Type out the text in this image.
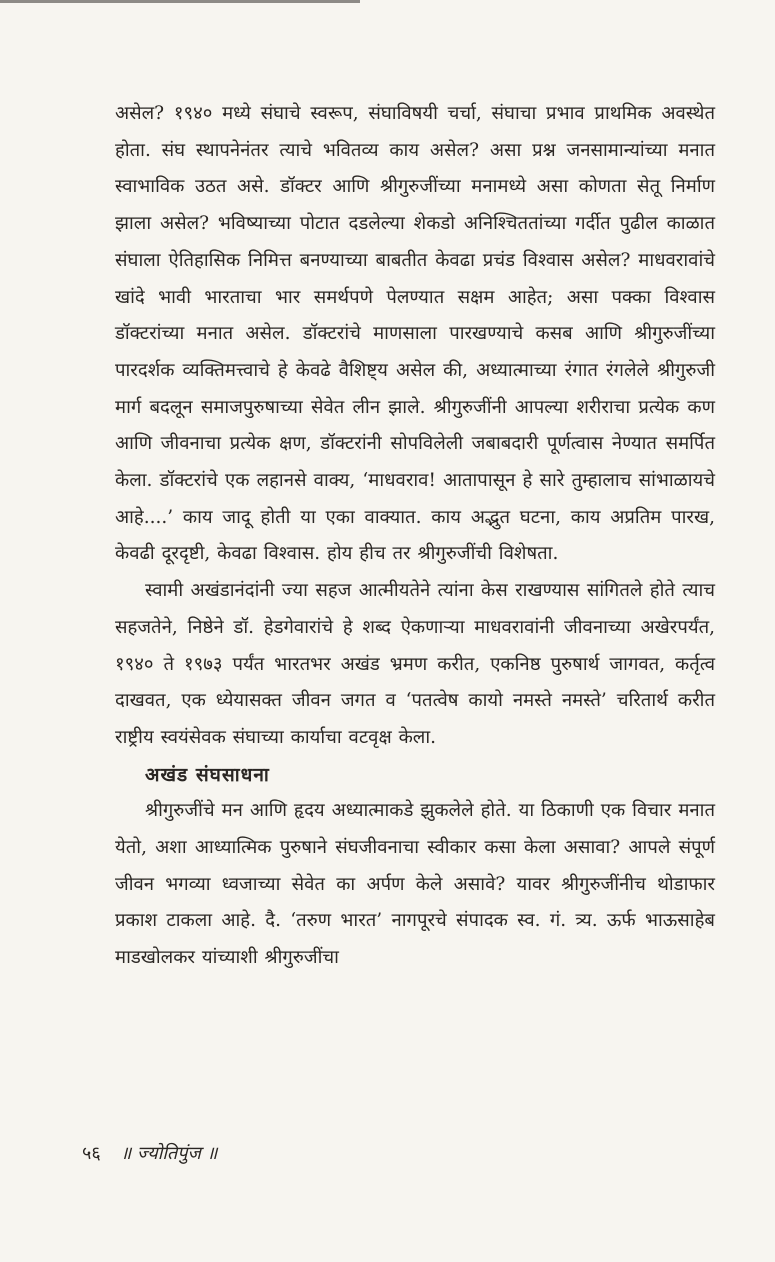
असेल? १९४० मध्ये संघाचे स्वरूप, संघाविषयी चर्चा, संघाचा प्रभाव प्राथमिक अवस्थेत होता. संघ स्थापनेनंतर त्याचे भवितव्य काय असेल? असा प्रश्न जनसामान्यांच्या मनात स्वाभाविक उठत असे. डॉक्टर आणि श्रीगुरुजींच्या मनामध्ये असा कोणता सेतू निर्माण झाला असेल? भविष्याच्या पोटात दडलेल्या शेकडो अनिश्चिततांच्या गर्दीत पुढील काळात संघाला ऐतिहासिक निमित्त बनण्याच्या बाबतीत केवढा प्रचंड विश्वास असेल? माधवरावांचे खांदे भावी भारताचा भार समर्थपणे पेलण्यात सक्षम आहेत; असा पक्का विश्वास डॉक्टरांच्या मनात असेल. डॉक्टरांचे माणसाला पारखण्याचे कसब आणि श्रीगुरुजींच्या पारदर्शक व्यक्तिमत्त्वाचे हे केवढे वैशिष्ट्य असेल की, अध्यात्माच्या रंगात रंगलेले श्रीगुरुजी मार्ग बदलून समाजपुरुषाच्या सेवेत लीन झाले. श्रीगुरुजींनी आपल्या शरीराचा प्रत्येक कण आणि जीवनाचा प्रत्येक क्षण, डॉक्टरांनी सोपविलेली जबाबदारी पूर्णत्वास नेण्यात समर्पित केला. डॉक्टरांचे एक लहानसे वाक्य, ‘माधवराव! आतापासून हे सारे तुम्हालाच सांभाळायचे आहे....’ काय जादू होती या एका वाक्यात. काय अद्भुत घटना, काय अप्रतिम पारख, केवढी दूरदृष्टी, केवढा विश्वास. होय हीच तर श्रीगुरुजींची विशेषता.

स्वामी अखंडानंदांनी ज्या सहज आत्मीयतेने त्यांना केस राखण्यास सांगितले होते त्याच सहजतेने, निष्ठेने डॉ. हेडगेवारांचे हे शब्द ऐकणाऱ्या माधवरावांनी जीवनाच्या अखेरपर्यंत, १९४० ते १९७३ पर्यंत भारतभर अखंड भ्रमण करीत, एकनिष्ठ पुरुषार्थ जागवत, कर्तृत्व दाखवत, एक ध्येयासक्त जीवन जगत व ‘पतत्वेष कायो नमस्ते नमस्ते’ चरितार्थ करीत राष्ट्रीय स्वयंसेवक संघाच्या कार्याचा वटवृक्ष केला.

अखंड संघसाधना

श्रीगुरुजींचे मन आणि हृदय अध्यात्माकडे झुकलेले होते. या ठिकाणी एक विचार मनात येतो, अशा आध्यात्मिक पुरुषाने संघजीवनाचा स्वीकार कसा केला असावा? आपले संपूर्ण जीवन भगव्या ध्वजाच्या सेवेत का अर्पण केले असावे? यावर श्रीगुरुजींनीच थोडाफार प्रकाश टाकला आहे. दै. ‘तरुण भारत’ नागपूरचे संपादक स्व. गं. त्र्य. ऊर्फ भाऊसाहेब माडखोलकर यांच्याशी श्रीगुरुजींचा

५६ ॥ ज्योतिपुंज ॥
